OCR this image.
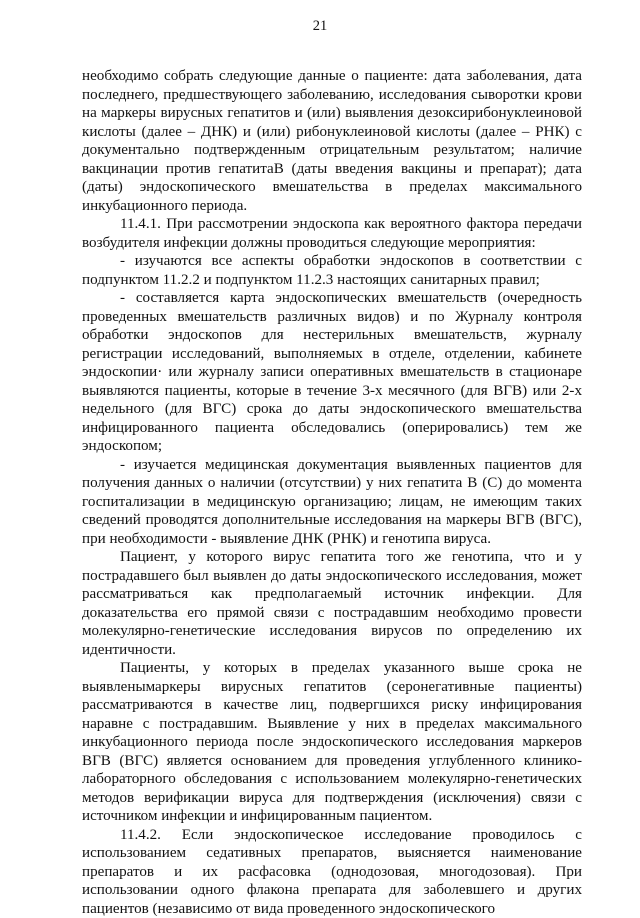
21

необходимо собрать следующие данные о пациенте: дата заболевания, дата последнего, предшествующего заболеванию, исследования сыворотки крови на маркеры вирусных гепатитов и (или) выявления дезоксирибонуклеиновой кислоты (далее – ДНК) и (или) рибонуклеиновой кислоты (далее – РНК) с документально подтвержденным отрицательным результатом; наличие вакцинации против гепатитаВ (даты введения вакцины и препарат); дата (даты) эндоскопического вмешательства в пределах максимального инкубационного периода.

11.4.1. При рассмотрении эндоскопа как вероятного фактора передачи возбудителя инфекции должны проводиться следующие мероприятия:

- изучаются все аспекты обработки эндоскопов в соответствии с подпунктом 11.2.2 и подпунктом 11.2.3 настоящих санитарных правил;

- составляется карта эндоскопических вмешательств (очередность проведенных вмешательств различных видов) и по Журналу контроля обработки эндоскопов для нестерильных вмешательств, журналу регистрации исследований, выполняемых в отделе, отделении, кабинете эндоскопии· или журналу записи оперативных вмешательств в стационаре выявляются пациенты, которые в течение 3-х месячного (для ВГВ) или 2-х недельного (для ВГС) срока до даты эндоскопического вмешательства инфицированного пациента обследовались (оперировались) тем же эндоскопом;

- изучается медицинская документация выявленных пациентов для получения данных о наличии (отсутствии) у них гепатита В (С) до момента госпитализации в медицинскую организацию; лицам, не имеющим таких сведений проводятся дополнительные исследования на маркеры ВГВ (ВГС), при необходимости - выявление ДНК (РНК) и генотипа вируса.

Пациент, у которого вирус гепатита того же генотипа, что и у пострадавшего был выявлен до даты эндоскопического исследования, может рассматриваться как предполагаемый источник инфекции. Для доказательства его прямой связи с пострадавшим необходимо провести молекулярно-генетические исследования вирусов по определению их идентичности.

Пациенты, у которых в пределах указанного выше срока не выявленымаркеры вирусных гепатитов (серонегативные пациенты) рассматриваются в качестве лиц, подвергшихся риску инфицирования наравне с пострадавшим. Выявление у них в пределах максимального инкубационного периода после эндоскопического исследования маркеров ВГВ (ВГС) является основанием для проведения углубленного клинико-лабораторного обследования с использованием молекулярно-генетических методов верификации вируса для подтверждения (исключения) связи с источником инфекции и инфицированным пациентом.

11.4.2. Если эндоскопическое исследование проводилось с использованием седативных препаратов, выясняется наименование препаратов и их расфасовка (однодозовая, многодозовая). При использовании одного флакона препарата для заболевшего и других пациентов (независимо от вида проведенного эндоскопического
